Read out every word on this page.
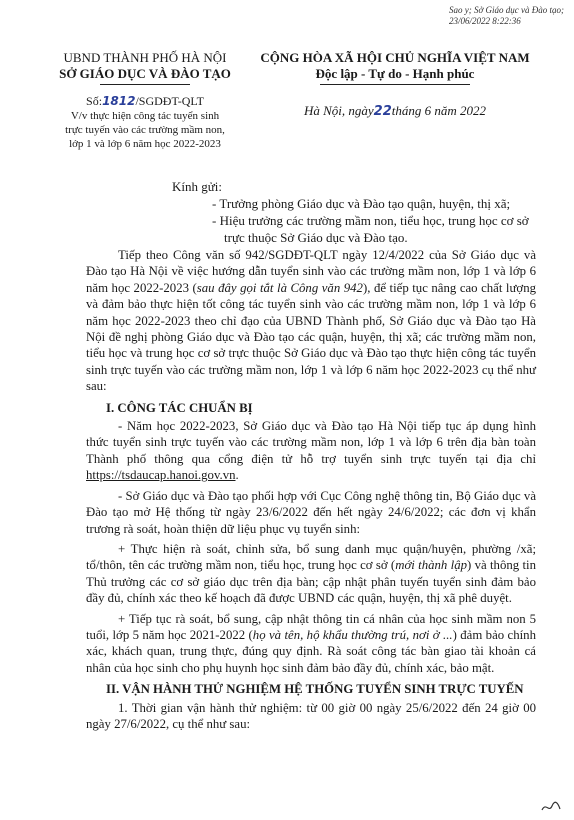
Sao y; Sở Giáo dục và Đào tạo;
23/06/2022 8:22:36
UBND THÀNH PHỐ HÀ NỘI
SỞ GIÁO DỤC VÀ ĐÀO TẠO
Số:1812/SGDĐT-QLT
V/v thực hiện công tác tuyển sinh
trực tuyến vào các trường mầm non,
lớp 1 và lớp 6 năm học 2022-2023
CỘNG HÒA XÃ HỘI CHỦ NGHĨA VIỆT NAM
Độc lập - Tự do - Hạnh phúc
Hà Nội, ngày22tháng 6 năm 2022
Kính gửi:
- Trưởng phòng Giáo dục và Đào tạo quận, huyện, thị xã;
- Hiệu trưởng các trường mầm non, tiểu học, trung học cơ sở
trực thuộc Sở Giáo dục và Đào tạo.

Tiếp theo Công văn số 942/SGDĐT-QLT ngày 12/4/2022 của Sở Giáo dục và Đào tạo Hà Nội về việc hướng dẫn tuyển sinh vào các trường mầm non, lớp 1 và lớp 6 năm học 2022-2023 (sau đây gọi tắt là Công văn 942), để tiếp tục nâng cao chất lượng và đảm bảo thực hiện tốt công tác tuyển sinh vào các trường mầm non, lớp 1 và lớp 6 năm học 2022-2023 theo chỉ đạo của UBND Thành phố, Sở Giáo dục và Đào tạo Hà Nội đề nghị phòng Giáo dục và Đào tạo các quận, huyện, thị xã; các trường mầm non, tiểu học và trung học cơ sở trực thuộc Sở Giáo dục và Đào tạo thực hiện công tác tuyển sinh trực tuyến vào các trường mầm non, lớp 1 và lớp 6 năm học 2022-2023 cụ thể như sau:

I. CÔNG TÁC CHUẨN BỊ

- Năm học 2022-2023, Sở Giáo dục và Đào tạo Hà Nội tiếp tục áp dụng hình thức tuyển sinh trực tuyến vào các trường mầm non, lớp 1 và lớp 6 trên địa bàn toàn Thành phố thông qua cổng điện tử hỗ trợ tuyển sinh trực tuyến tại địa chỉ https://tsdaucap.hanoi.gov.vn.

- Sở Giáo dục và Đào tạo phối hợp với Cục Công nghệ thông tin, Bộ Giáo dục và Đào tạo mở Hệ thống từ ngày 23/6/2022 đến hết ngày 24/6/2022; các đơn vị khẩn trương rà soát, hoàn thiện dữ liệu phục vụ tuyển sinh:

+ Thực hiện rà soát, chỉnh sửa, bổ sung danh mục quận/huyện, phường /xã; tổ/thôn, tên các trường mầm non, tiểu học, trung học cơ sở (mới thành lập) và thông tin Thủ trưởng các cơ sở giáo dục trên địa bàn; cập nhật phân tuyến tuyển sinh đảm bảo đầy đủ, chính xác theo kế hoạch đã được UBND các quận, huyện, thị xã phê duyệt.

+ Tiếp tục rà soát, bổ sung, cập nhật thông tin cá nhân của học sinh mầm non 5 tuổi, lớp 5 năm học 2021-2022 (họ và tên, hộ khẩu thường trú, nơi ở ...) đảm bảo chính xác, khách quan, trung thực, đúng quy định. Rà soát công tác bàn giao tài khoản cá nhân của học sinh cho phụ huynh học sinh đảm bảo đầy đủ, chính xác, bảo mật.

II. VẬN HÀNH THỬ NGHIỆM HỆ THỐNG TUYỂN SINH TRỰC TUYẾN

1. Thời gian vận hành thử nghiệm: từ 00 giờ 00 ngày 25/6/2022 đến 24 giờ 00 ngày 27/6/2022, cụ thể như sau:
